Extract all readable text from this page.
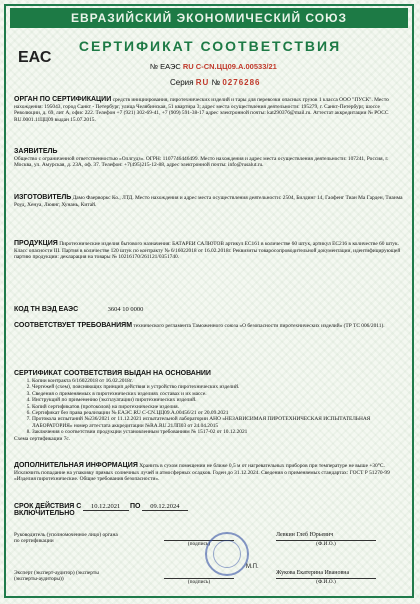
ЕВРАЗИЙСКИЙ ЭКОНОМИЧЕСКИЙ СОЮЗ
ЕАС
СЕРТИФИКАТ СООТВЕТСТВИЯ
№ ЕАЭС RU C-CN.ЦЦ09.А.00533/21
Серия RU № 0276286
ОРГАН ПО СЕРТИФИКАЦИИ средств инициирования, пиротехнических изделий и тары для перевозки опасных грузов 1 класса ООО "ПУСК". Место нахождения: 195043, город Санкт - Петербург, улица Челябинская, 51 квартира 3; адрес места осуществления деятельности: 195279, г. Санкт-Петербург, шоссе Революции, д. 69, лит А, офис 222. Телефон +7 (921) 302-69-41, +7 (909) 591-38-17 адрес электронной почты: kat290376@mail.ru. Аттестат аккредитации № РОСС RU.0001.11ЦЦ09 выдан 15.07.2015.
ЗАЯВИТЕЛЬ
Общество с ограниченной ответственностью «Оллгудз». ОГРН: 1107746446499. Место нахождения и адрес места осуществления деятельности: 107241, Россия, г. Москва, ул. Амурская, д. 23А, оф. 37. Телефон: +7(495)215-12-88, адрес электронной почты: info@rusalut.ru.
ИЗГОТОВИТЕЛЬ Дамо Фаерворкс Ко., ЛТД. Место нахождения и адрес места осуществления деятельности: 2504, Билдинг 14, Гаофенг Тиан Ма Гарден, Тианма Роуд, Хенуа, Люянг, Хунань, Китай.
ПРОДУКЦИЯ Пиротехнические изделия бытового назначения: БАТАРЕИ САЛЮТОВ артикул ЕС161 в количестве 60 штук, артикул ЕС216 в количестве 60 штук. Класс опасности III. Партия в количестве 120 штук по контракту № 6/16022018 от 16.02.2018г. Реквизиты товаросопроводительной документации, идентифицирующей партию продукции: декларация на товары № 10216170/261121/0351740.
КОД ТН ВЭД ЕАЭС	3604 10 0000
СООТВЕТСТВУЕТ ТРЕБОВАНИЯМ технического регламента Таможенного союза «О безопасности пиротехнических изделий» (ТР ТС 006/2011).
СЕРТИФИКАТ СООТВЕТСТВИЯ ВЫДАН НА ОСНОВАНИИ
1. Копии контракта 6/16022018 от 16.02.2018г.
2. Чертежей (схем), поясняющих принцип действия и устройство пиротехнических изделий.
3. Сведения о применяемых в пиротехнических изделиях составах и их массе.
4. Инструкций по применению (эксплуатации) пиротехнических изделий.
5. Копий сертификатов (протоколов) на пиротехнические изделия.
6. Сертификат без права реализации № ЕАЭС RU С-CN.ЦЦ09.А.00456/21 от 20.09.2021
7. Протокола испытаний №236/2021 от 11.12.2021 испытательной лаборатории АНО «НЕЗАВИСИМАЯ ПИРОТЕХНИЧЕСКАЯ ИСПЫТАТЕЛЬНАЯ ЛАБОРАТОРИЯ» номер аттестата аккредитации №RA.RU.21ЛП03 от 24.04.2015
8. Заключения о соответствии продукции установленным требованиям № 1517-02 от 10.12.2021
Схема сертификации 7с.
ДОПОЛНИТЕЛЬНАЯ ИНФОРМАЦИЯ Хранить в сухом помещении не ближе 0,5 м от нагревательных приборов при температуре не выше +30°С. Исключить попадание на упаковку прямых солнечных лучей и атмосферных осадков. Годен до 31.12.2024. Сведения о применяемых стандартах: ГОСТ Р 51270-99 «Изделия пиротехнические. Общие требования безопасности».
СРОК ДЕЙСТВИЯ С 10.12.2021 ПО 09.12.2024
ВКЛЮЧИТЕЛЬНО
Руководитель (уполномоченное лицо) органа по сертификации	(подпись)
Левкин Глеб Юрьевич
(Ф.И.О.)
М.П.
Эксперт (эксперт-аудитор) (эксперты (эксперты-аудиторы))	(подпись)
Жукова Екатерина Ивановна
(Ф.И.О.)
